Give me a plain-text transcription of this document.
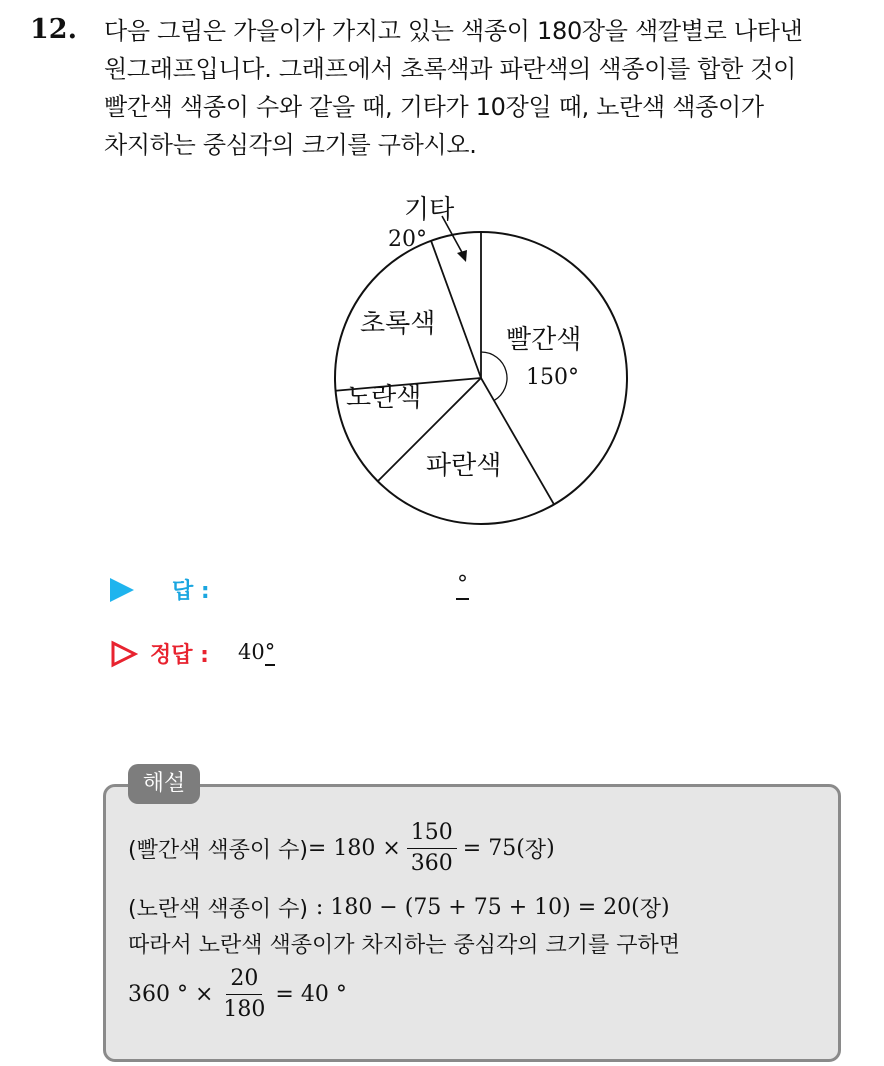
12. 다음 그림은 가을이가 가지고 있는 색종이 180장을 색깔별로 나타낸
원그래프입니다. 그래프에서 초록색과 파란색의 색종이를 합한 것이
빨간색 색종이 수와 같을 때, 기타가 10장일 때, 노란색 색종이가
차지하는 중심각의 크기를 구하시오.
기타
20°
초록색
노란색
파란색
빨간색
150°
답 :	°
정답 : 40°
해설
(빨간색 색종이 수) = $180 \times \frac{150}{360} = 75$( 장 )
(노란색 색종이 수) : 180 − (75 + 75 + 10) = 20( 장 )
따라서 노란색 색종이가 차지하는 중심각의 크기를 구하면
360 ° × $\frac{20}{180} = 40$ °
